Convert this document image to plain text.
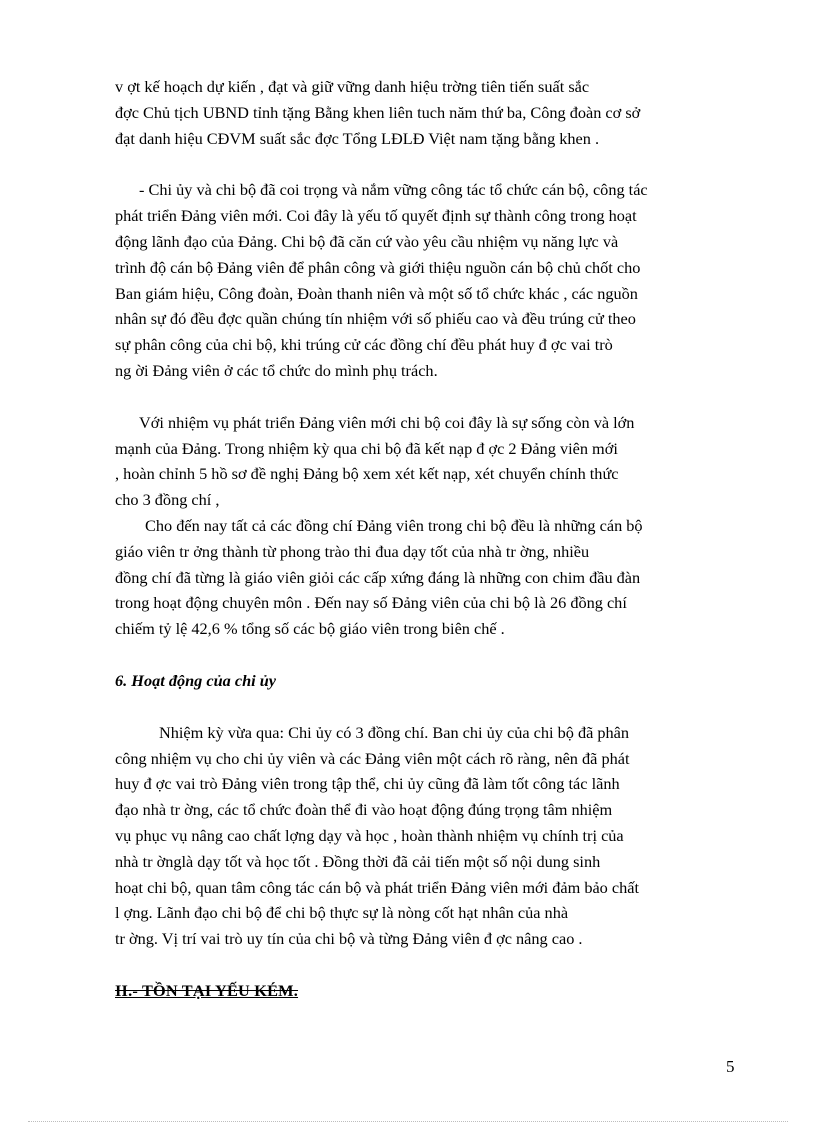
v ợt kế hoạch dự kiến , đạt và giữ vững danh hiệu trờng tiên tiến suất sắc
đợc Chủ tịch UBND tỉnh tặng Bằng khen liên tuch năm thứ ba, Công đoàn cơ sở
đạt danh hiệu CĐVM suất sắc đợc Tổng LĐLĐ Việt nam tặng bằng khen .

- Chi ủy và chi bộ đã coi trọng và nắm vững công tác tổ chức cán bộ, công tác
phát triển Đảng viên mới. Coi đây là yếu tố quyết định sự thành công trong hoạt
động lãnh đạo của Đảng. Chi bộ đã căn cứ vào yêu cầu nhiệm vụ năng lực và
trình độ cán bộ Đảng viên để phân công và giới thiệu nguồn cán bộ chủ chốt cho
Ban giám hiệu, Công đoàn, Đoàn thanh niên và một số tổ chức khác , các nguồn
nhân sự đó đều đợc quần chúng tín nhiệm với số phiếu cao và đều trúng cử theo
sự phân công của chi bộ, khi trúng cử các đồng chí đều phát huy đ ợc vai trò
ng ời Đảng viên ở các tổ chức do mình phụ trách.

Với nhiệm vụ phát triển Đảng viên mới chi bộ coi đây là sự sống còn và lớn
mạnh của Đảng. Trong nhiệm kỳ qua chi bộ đã kết nạp đ ợc 2 Đảng viên mới
, hoàn chỉnh 5 hồ sơ đề nghị Đảng bộ xem xét kết nạp, xét chuyển chính thức
cho 3 đồng chí ,

Cho đến nay tất cả các đồng chí Đảng viên trong chi bộ đều là những cán bộ
giáo viên tr ởng thành từ phong trào thi đua dạy tốt của nhà tr ờng, nhiều
đồng chí đã từng là giáo viên giỏi các cấp xứng đáng là những con chim đầu đàn
trong hoạt động chuyên môn . Đến nay số Đảng viên của chi bộ là 26 đồng chí
chiếm tỷ lệ 42,6 % tổng số các bộ giáo viên trong biên chế .

6. Hoạt động của chi ủy

Nhiệm kỳ vừa qua: Chi ủy có 3 đồng chí. Ban chi ủy của chi bộ đã phân
công nhiệm vụ cho chi ủy viên và các Đảng viên một cách rõ ràng, nên đã phát
huy đ ợc vai trò Đảng viên trong tập thể, chi ủy cũng đã làm tốt công tác lãnh
đạo nhà tr ờng, các tổ chức đoàn thể đi vào hoạt động đúng trọng tâm nhiệm
vụ phục vụ nâng cao chất lợng dạy và học , hoàn thành nhiệm vụ chính trị của
nhà tr ờnglà dạy tốt và học tốt . Đồng thời đã cải tiến một số nội dung sinh
hoạt chi bộ, quan tâm công tác cán bộ và phát triển Đảng viên mới đảm bảo chất
l ợng. Lãnh đạo chi bộ để chi bộ thực sự là nòng cốt hạt nhân của nhà
tr ờng. Vị trí vai trò uy tín của chi bộ và từng Đảng viên đ ợc nâng cao .

II.- TỒN TẠI YẾU KÉM.

5
